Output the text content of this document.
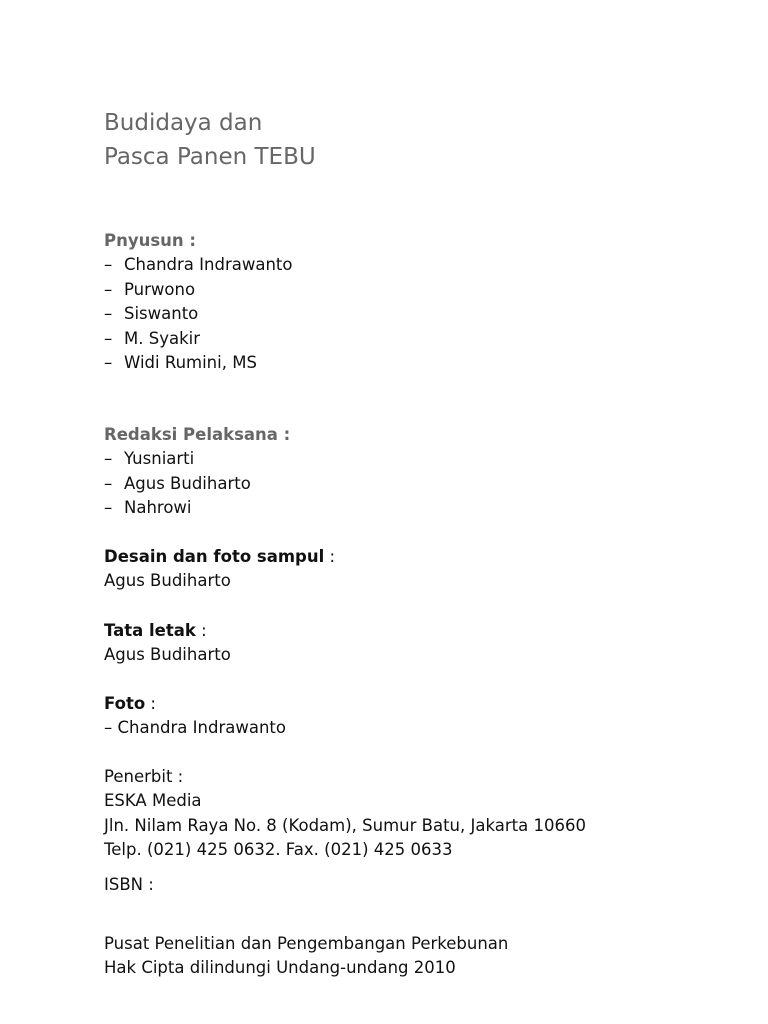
Budidaya dan
Pasca Panen TEBU
Pnyusun :
– Chandra Indrawanto
– Purwono
– Siswanto
– M. Syakir
– Widi Rumini, MS
Redaksi Pelaksana :
– Yusniarti
– Agus Budiharto
– Nahrowi
Desain dan foto sampul :
Agus Budiharto
Tata letak :
Agus Budiharto
Foto :
– Chandra Indrawanto
Penerbit :
ESKA Media
Jln. Nilam Raya No. 8 (Kodam), Sumur Batu, Jakarta 10660
Telp. (021) 425 0632. Fax. (021) 425 0633
ISBN :
Pusat Penelitian dan Pengembangan Perkebunan
Hak Cipta dilindungi Undang-undang 2010
